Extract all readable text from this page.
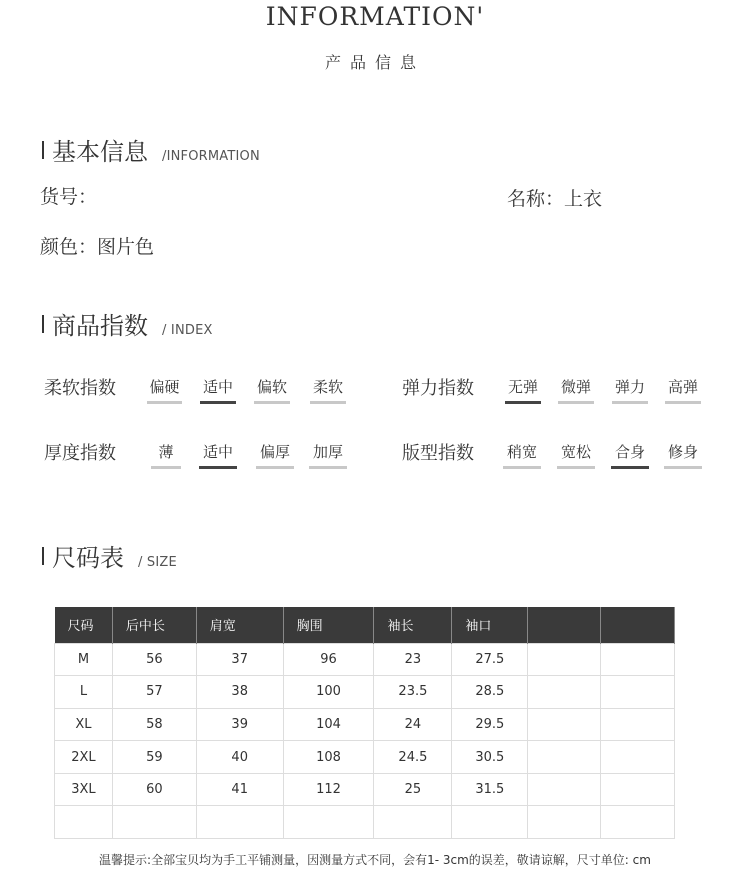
INFORMATION'
产品信息
基本信息 /INFORMATION
货号：	名称：上衣
颜色：图片色
商品指数 / INDEX
柔软指数 偏硬 适中 偏软 柔软	弹力指数 无弹 微弹 弹力 高弹
厚度指数	薄	适中 偏厚 加厚	版型指数 稍宽 宽松 合身 修身
尺码表 / SIZE
尺码	后中长	肩宽	胸围	袖长	袖口		
M	56	37	96	23	27.5		
L	57	38	100	23.5	28.5		
XL	58	39	104	24	29.5		
2XL	59	40	108	24.5	30.5		
3XL	60	41	112	25	31.5		

温馨提示:全部宝贝均为手工平铺测量，因测量方式不同，会有1- 3cm的误差，敬请谅解，尺寸单位: cm
